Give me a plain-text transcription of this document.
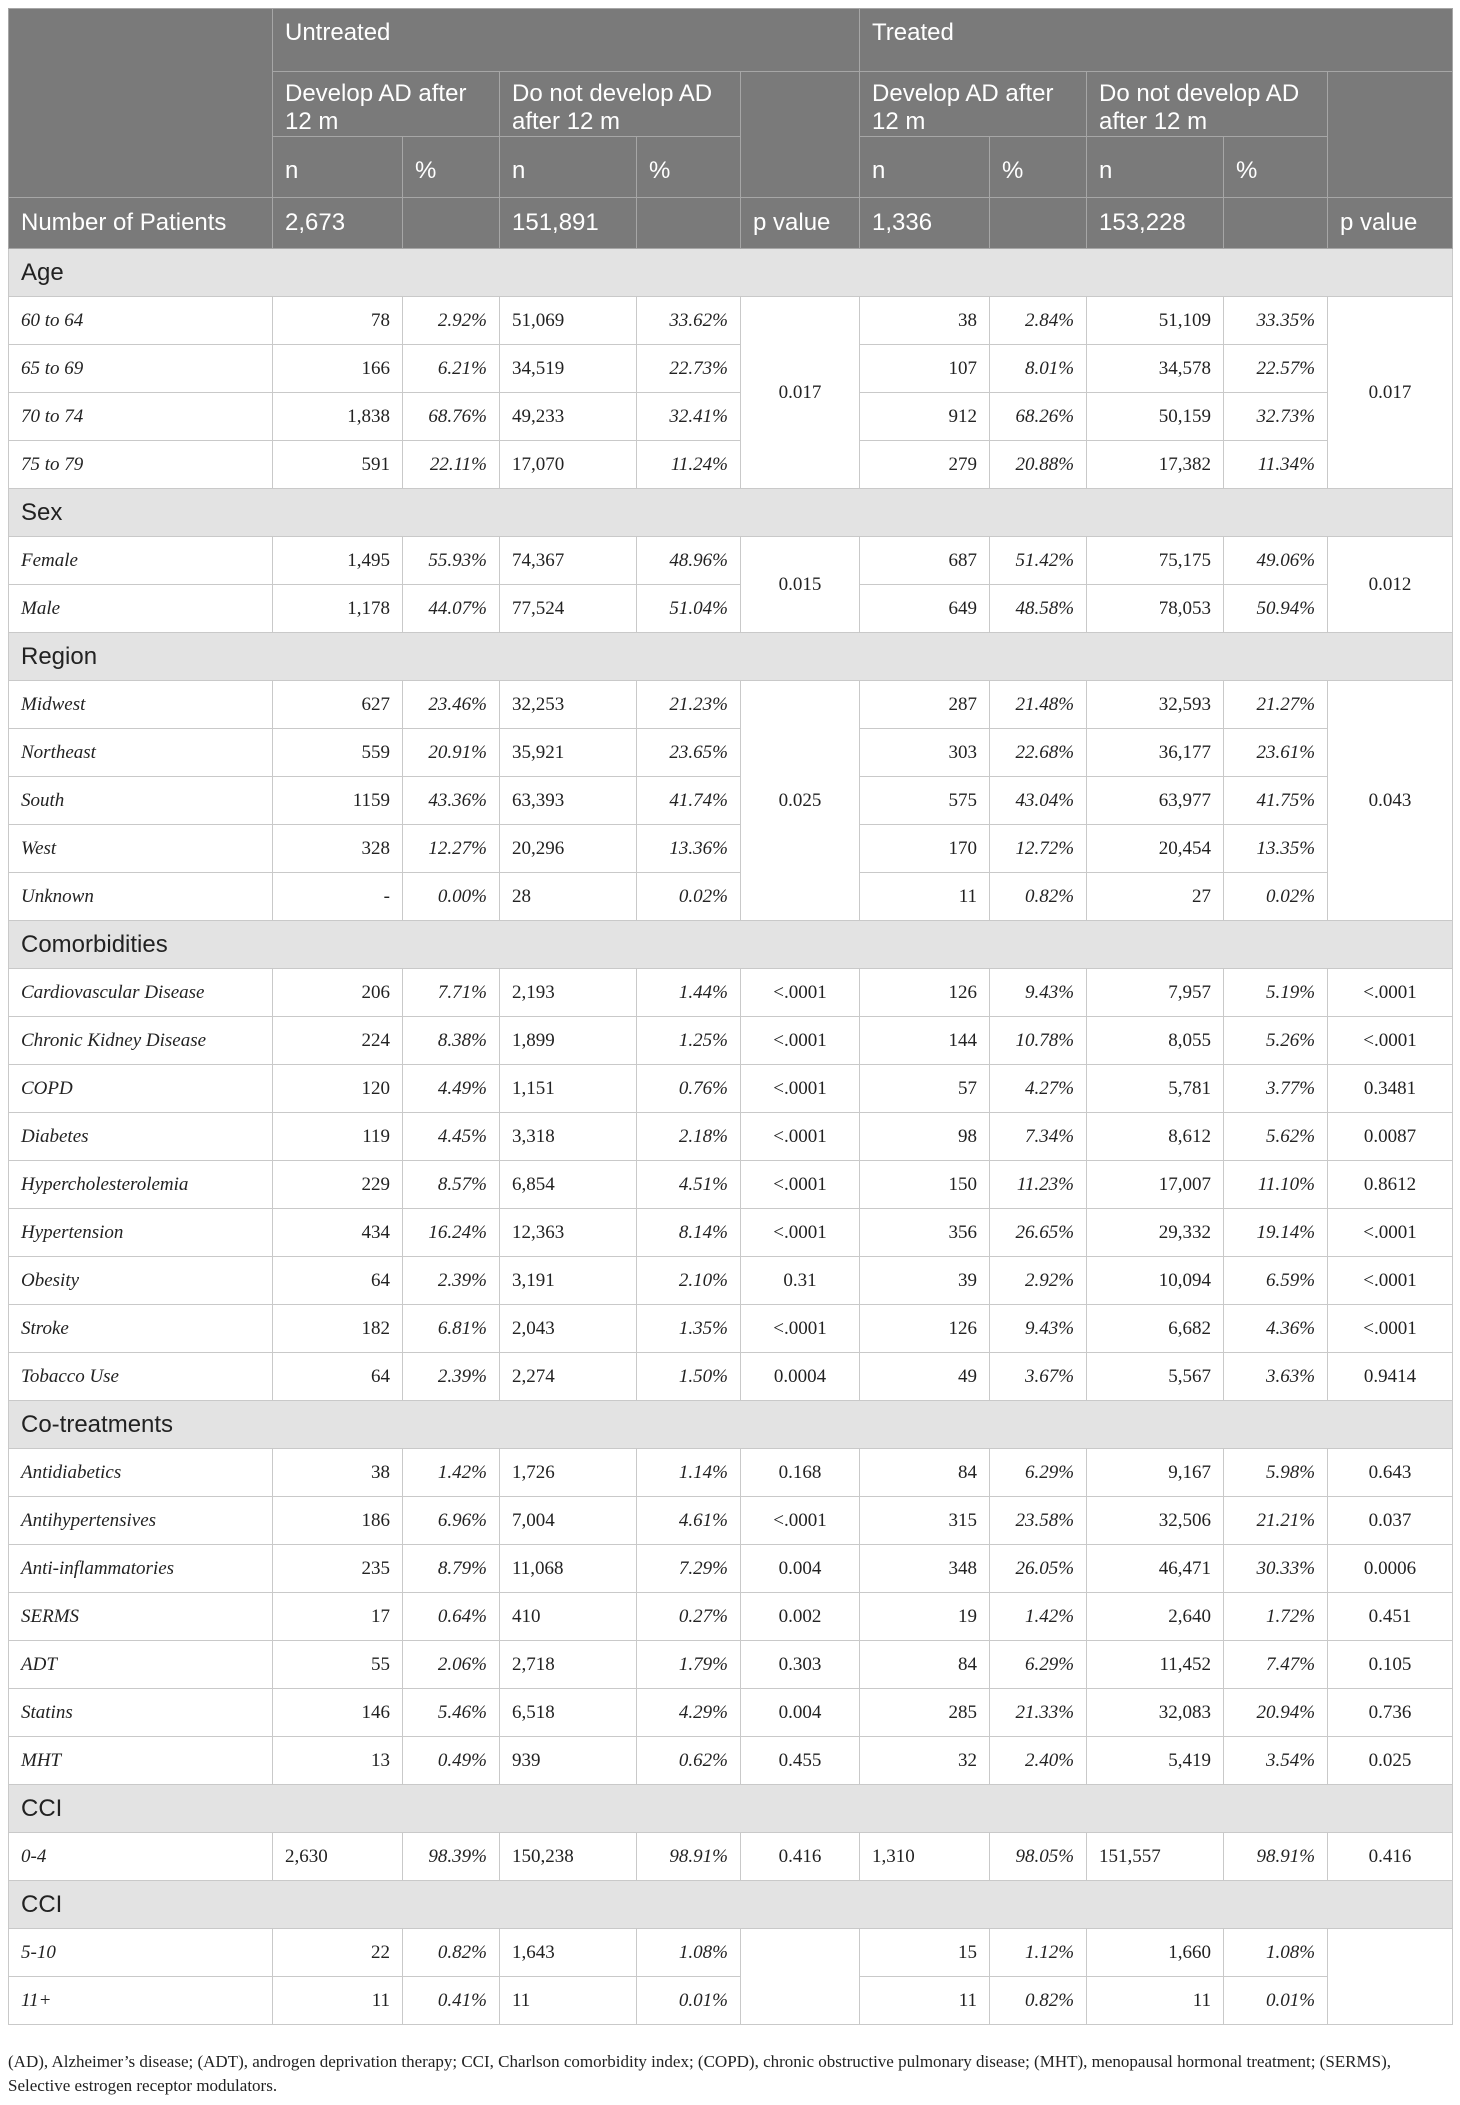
	Untreated					Treated				
	Develop AD after 12 m		Do not develop AD after 12 m			Develop AD after 12 m		Do not develop AD after 12 m		
	n	%	n	%		n	%	n	%	
Number of Patients	2,673		151,891		p value	1,336		153,228		p value
Age										
60 to 64	78	2.92%	51,069	33.62%	0.017	38	2.84%	51,109	33.35%	0.017
65 to 69	166	6.21%	34,519	22.73%		107	8.01%	34,578	22.57%	
70 to 74	1,838	68.76%	49,233	32.41%		912	68.26%	50,159	32.73%	
75 to 79	591	22.11%	17,070	11.24%		279	20.88%	17,382	11.34%	
Sex										
Female	1,495	55.93%	74,367	48.96%	0.015	687	51.42%	75,175	49.06%	0.012
Male	1,178	44.07%	77,524	51.04%		649	48.58%	78,053	50.94%	
Region										
Midwest	627	23.46%	32,253	21.23%	0.025	287	21.48%	32,593	21.27%	0.043
Northeast	559	20.91%	35,921	23.65%		303	22.68%	36,177	23.61%	
South	1159	43.36%	63,393	41.74%		575	43.04%	63,977	41.75%	
West	328	12.27%	20,296	13.36%		170	12.72%	20,454	13.35%	
Unknown	-	0.00%	28	0.02%		11	0.82%	27	0.02%	
Comorbidities										
Cardiovascular Disease	206	7.71%	2,193	1.44%	<.0001	126	9.43%	7,957	5.19%	<.0001
Chronic Kidney Disease	224	8.38%	1,899	1.25%	<.0001	144	10.78%	8,055	5.26%	<.0001
COPD	120	4.49%	1,151	0.76%	<.0001	57	4.27%	5,781	3.77%	0.3481
Diabetes	119	4.45%	3,318	2.18%	<.0001	98	7.34%	8,612	5.62%	0.0087
Hypercholesterolemia	229	8.57%	6,854	4.51%	<.0001	150	11.23%	17,007	11.10%	0.8612
Hypertension	434	16.24%	12,363	8.14%	<.0001	356	26.65%	29,332	19.14%	<.0001
Obesity	64	2.39%	3,191	2.10%	0.31	39	2.92%	10,094	6.59%	<.0001
Stroke	182	6.81%	2,043	1.35%	<.0001	126	9.43%	6,682	4.36%	<.0001
Tobacco Use	64	2.39%	2,274	1.50%	0.0004	49	3.67%	5,567	3.63%	0.9414
Co-treatments										
Antidiabetics	38	1.42%	1,726	1.14%	0.168	84	6.29%	9,167	5.98%	0.643
Antihypertensives	186	6.96%	7,004	4.61%	<.0001	315	23.58%	32,506	21.21%	0.037
Anti-inflammatories	235	8.79%	11,068	7.29%	0.004	348	26.05%	46,471	30.33%	0.0006
SERMS	17	0.64%	410	0.27%	0.002	19	1.42%	2,640	1.72%	0.451
ADT	55	2.06%	2,718	1.79%	0.303	84	6.29%	11,452	7.47%	0.105
Statins	146	5.46%	6,518	4.29%	0.004	285	21.33%	32,083	20.94%	0.736
MHT	13	0.49%	939	0.62%	0.455	32	2.40%	5,419	3.54%	0.025
CCI										
0-4	2,630	98.39%	150,238	98.91%	0.416	1,310	98.05%	151,557	98.91%	0.416
CCI										
5-10	22	0.82%	1,643	1.08%		15	1.12%	1,660	1.08%	
11+	11	0.41%	11	0.01%		11	0.82%	11	0.01%	
(AD), Alzheimer’s disease; (ADT), androgen deprivation therapy; CCI, Charlson comorbidity index; (COPD), chronic obstructive pulmonary disease; (MHT), menopausal hormonal treatment; (SERMS), Selective estrogen receptor modulators.
